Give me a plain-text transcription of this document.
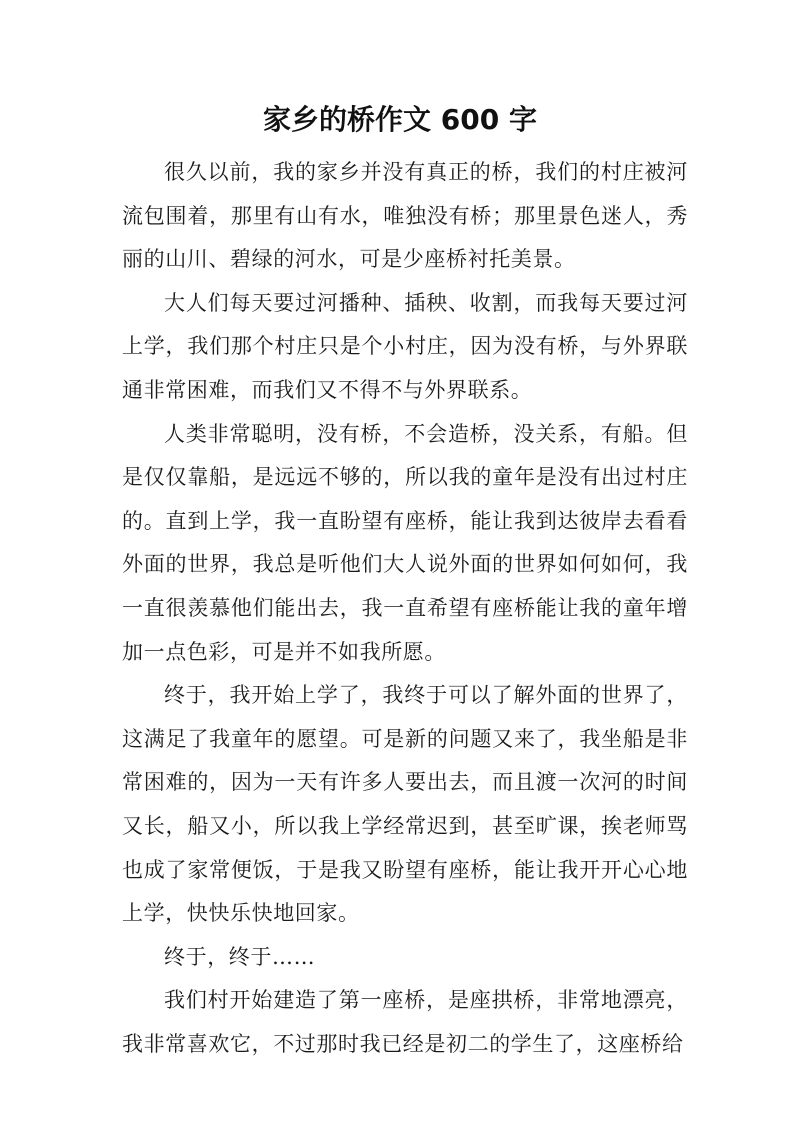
家乡的桥作文 600 字

很久以前，我的家乡并没有真正的桥，我们的村庄被河流包围着，那里有山有水，唯独没有桥；那里景色迷人，秀丽的山川、碧绿的河水，可是少座桥衬托美景。

大人们每天要过河播种、插秧、收割，而我每天要过河上学，我们那个村庄只是个小村庄，因为没有桥，与外界联通非常困难，而我们又不得不与外界联系。

人类非常聪明，没有桥，不会造桥，没关系，有船。但是仅仅靠船，是远远不够的，所以我的童年是没有出过村庄的。直到上学，我一直盼望有座桥，能让我到达彼岸去看看外面的世界，我总是听他们大人说外面的世界如何如何，我一直很羡慕他们能出去，我一直希望有座桥能让我的童年增加一点色彩，可是并不如我所愿。

终于，我开始上学了，我终于可以了解外面的世界了，这满足了我童年的愿望。可是新的问题又来了，我坐船是非常困难的，因为一天有许多人要出去，而且渡一次河的时间又长，船又小，所以我上学经常迟到，甚至旷课，挨老师骂也成了家常便饭，于是我又盼望有座桥，能让我开开心心地上学，快快乐快地回家。

终于，终于……

我们村开始建造了第一座桥，是座拱桥，非常地漂亮，我非常喜欢它，不过那时我已经是初二的学生了，这座桥给
